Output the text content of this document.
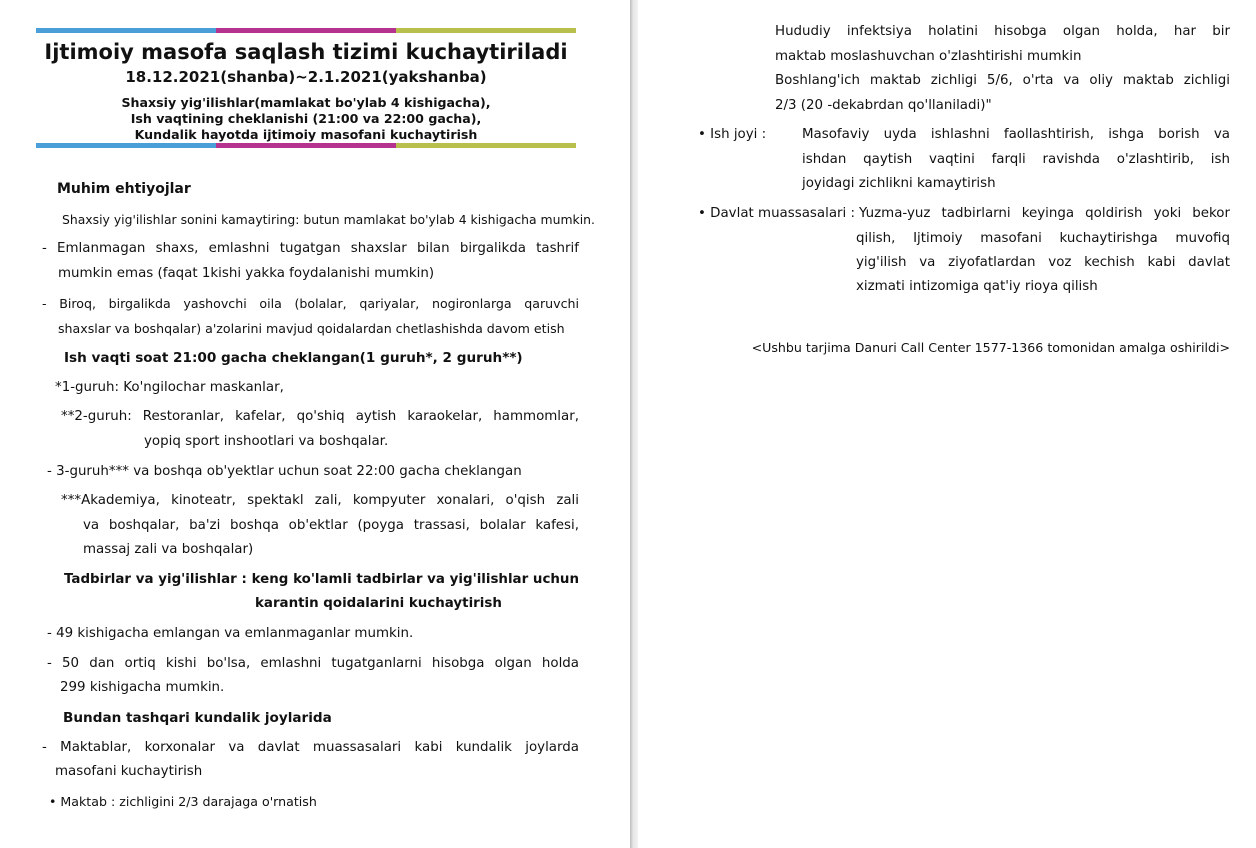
Ijtimoiy masofa saqlash tizimi kuchaytiriladi
18.12.2021(shanba)~2.1.2021(yakshanba)
Shaxsiy yig'ilishlar(mamlakat bo'ylab 4 kishigacha),
Ish vaqtining cheklanishi (21:00 va 22:00 gacha),
Kundalik hayotda ijtimoiy masofani kuchaytirish
Muhim ehtiyojlar
Shaxsiy yig'ilishlar sonini kamaytiring: butun mamlakat bo'ylab 4 kishigacha mumkin.
- Emlanmagan shaxs, emlashni tugatgan shaxslar bilan birgalikda tashrif
mumkin emas (faqat 1kishi yakka foydalanishi mumkin)
- Biroq, birgalikda yashovchi oila (bolalar, qariyalar, nogironlarga qaruvchi
shaxslar va boshqalar) a'zolarini mavjud qoidalardan chetlashishda davom etish
Ish vaqti soat 21:00 gacha cheklangan(1 guruh*, 2 guruh**)
*1-guruh: Ko'ngilochar maskanlar,
**2-guruh: Restoranlar, kafelar, qo'shiq aytish karaokelar, hammomlar,
yopiq sport inshootlari va boshqalar.
- 3-guruh*** va boshqa ob'yektlar uchun soat 22:00 gacha cheklangan
***Akademiya, kinoteatr, spektakl zali, kompyuter xonalari, o'qish zali
va boshqalar, ba'zi boshqa ob'ektlar (poyga trassasi, bolalar kafesi,
massaj zali va boshqalar)
Tadbirlar va yig'ilishlar : keng ko'lamli tadbirlar va yig'ilishlar uchun
karantin qoidalarini kuchaytirish
- 49 kishigacha emlangan va emlanmaganlar mumkin.
- 50 dan ortiq kishi bo'lsa, emlashni tugatganlarni hisobga olgan holda
299 kishigacha mumkin.
Bundan tashqari kundalik joylarida
- Maktablar, korxonalar va davlat muassasalari kabi kundalik joylarda
masofani kuchaytirish
• Maktab : zichligini 2/3 darajaga o'rnatish
Hududiy infektsiya holatini hisobga olgan holda, har bir
maktab moslashuvchan o'zlashtirishi mumkin
Boshlang'ich maktab zichligi 5/6, o'rta va oliy maktab zichligi
2/3 (20 -dekabrdan qo'llaniladi)"
• Ish joyi :	Masofaviy uyda ishlashni faollashtirish, ishga borish va
ishdan qaytish vaqtini farqli ravishda o'zlashtirib, ish
joyidagi zichlikni kamaytirish
• Davlat muassasalari : Yuzma-yuz tadbirlarni keyinga qoldirish yoki bekor
qilish, Ijtimoiy masofani kuchaytirishga muvofiq
yig'ilish va ziyofatlardan voz kechish kabi davlat
xizmati intizomiga qat'iy rioya qilish
<Ushbu tarjima Danuri Call Center 1577-1366 tomonidan amalga oshirildi>
